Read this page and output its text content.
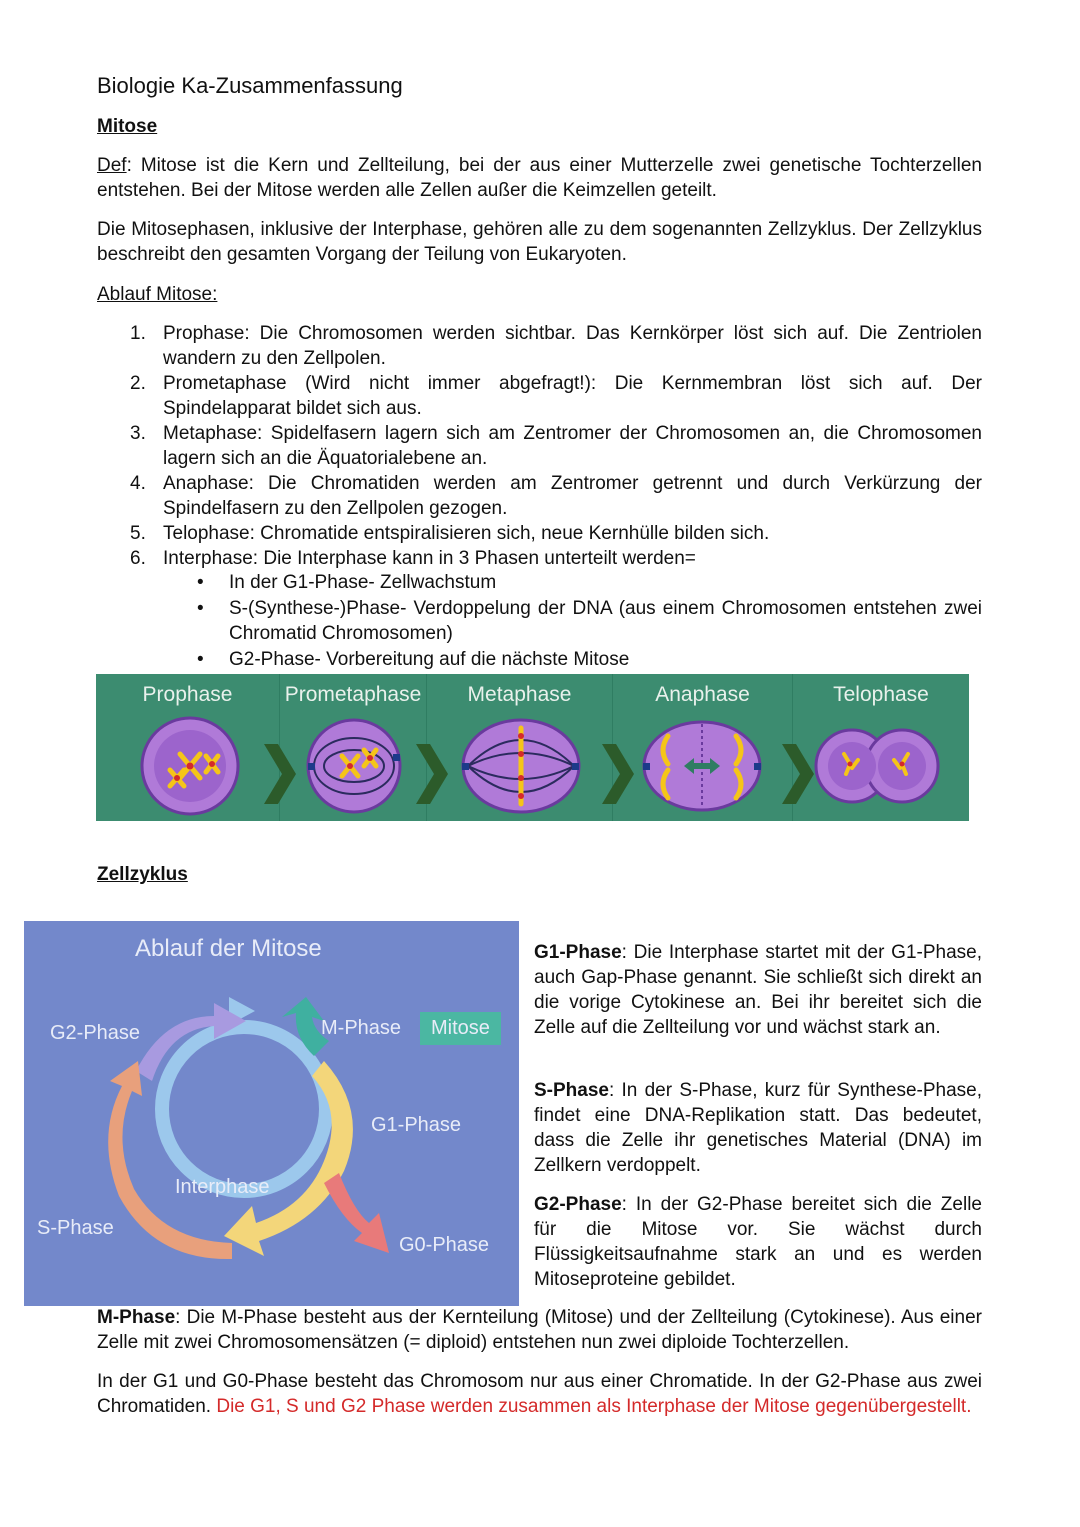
Biologie Ka-Zusammenfassung
Mitose
Def: Mitose ist die Kern und Zellteilung, bei der aus einer Mutterzelle zwei genetische Tochterzellen entstehen. Bei der Mitose werden alle Zellen außer die Keimzellen geteilt.
Die Mitosephasen, inklusive der Interphase, gehören alle zu dem sogenannten Zellzyklus. Der Zellzyklus beschreibt den gesamten Vorgang der Teilung von Eukaryoten.
Ablauf Mitose:
1. Prophase: Die Chromosomen werden sichtbar. Das Kernkörper löst sich auf. Die Zentriolen wandern zu den Zellpolen.
2. Prometaphase (Wird nicht immer abgefragt!): Die Kernmembran löst sich auf. Der Spindelapparat bildet sich aus.
3. Metaphase: Spidelfasern lagern sich am Zentromer der Chromosomen an, die Chromosomen lagern sich an die Äquatorialebene an.
4. Anaphase: Die Chromatiden werden am Zentromer getrennt und durch Verkürzung der Spindelfasern zu den Zellpolen gezogen.
5. Telophase: Chromatide entspiralisieren sich, neue Kernhülle bilden sich.
6. Interphase: Die Interphase kann in 3 Phasen unterteilt werden=
• In der G1-Phase- Zellwachstum
• S-(Synthese-)Phase- Verdoppelung der DNA (aus einem Chromosomen entstehen zwei Chromatid Chromosomen)
• G2-Phase- Vorbereitung auf die nächste Mitose
Prophase	Prometaphase	Metaphase	Anaphase	Telophase
Zellzyklus
Ablauf der Mitose
G2-Phase	M-Phase	Mitose
G1-Phase
Interphase
S-Phase
G0-Phase
G1-Phase: Die Interphase startet mit der G1-Phase, auch Gap-Phase genannt. Sie schließt sich direkt an die vorige Cytokinese an. Bei ihr bereitet sich die Zelle auf die Zellteilung vor und wächst stark an.
S-Phase: In der S-Phase, kurz für Synthese-Phase, findet eine DNA-Replikation statt. Das bedeutet, dass die Zelle ihr genetisches Material (DNA) im Zellkern verdoppelt.
G2-Phase: In der G2-Phase bereitet sich die Zelle für die Mitose vor. Sie wächst durch Flüssigkeitsaufnahme stark an und es werden Mitoseproteine gebildet.
M-Phase: Die M-Phase besteht aus der Kernteilung (Mitose) und der Zellteilung (Cytokinese). Aus einer Zelle mit zwei Chromosomensätzen (= diploid) entstehen nun zwei diploide Tochterzellen.
In der G1 und G0-Phase besteht das Chromosom nur aus einer Chromatide. In der G2-Phase aus zwei Chromatiden. Die G1, S und G2 Phase werden zusammen als Interphase der Mitose gegenübergestellt.
